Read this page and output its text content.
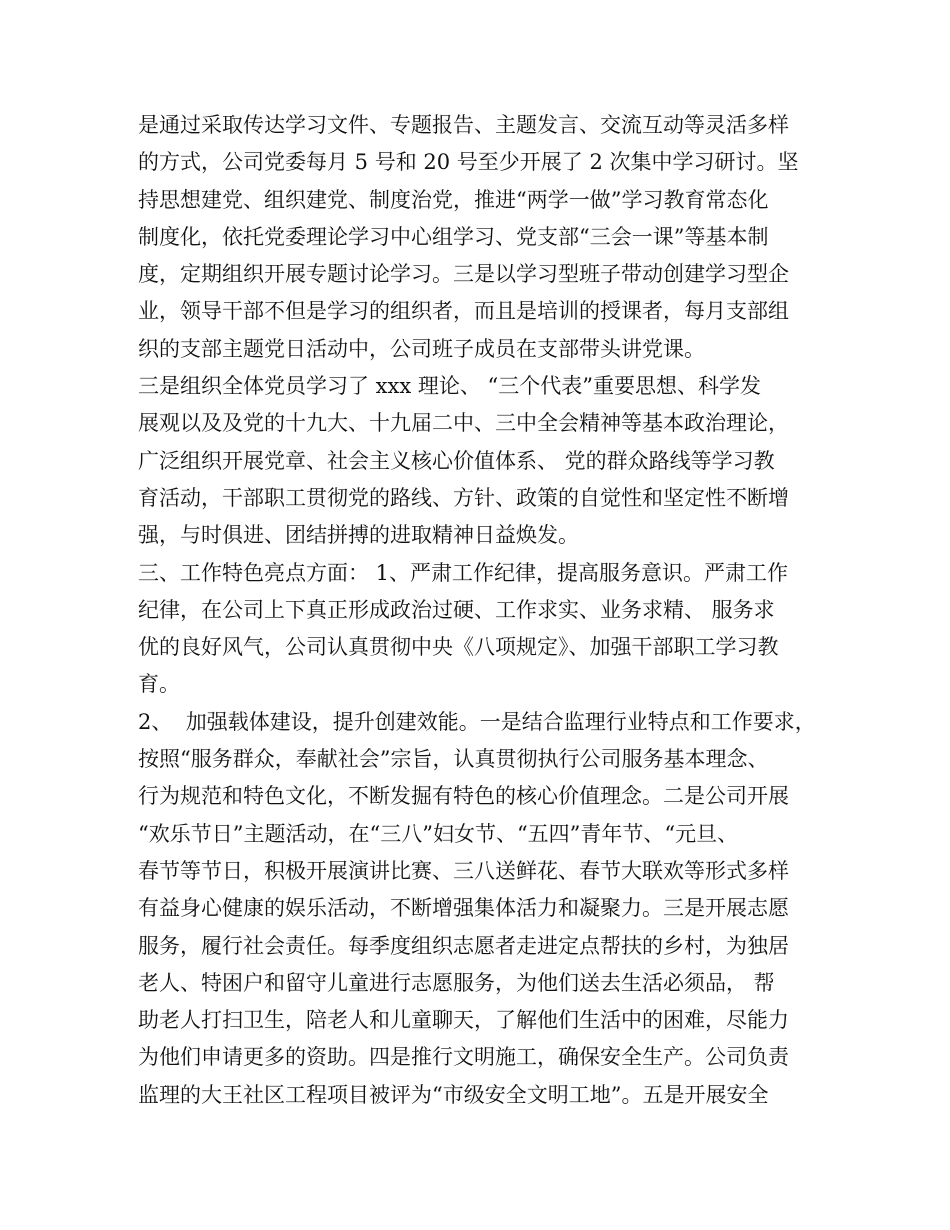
是通过采取传达学习文件、专题报告、主题发言、交流互动等灵活多样
的方式，公司党委每月 5 号和 20 号至少开展了 2 次集中学习研讨。坚
持思想建党、组织建党、制度治党，推进“两学一做”学习教育常态化
制度化，依托党委理论学习中心组学习、党支部“三会一课”等基本制
度，定期组织开展专题讨论学习。三是以学习型班子带动创建学习型企
业，领导干部不但是学习的组织者，而且是培训的授课者，每月支部组
织的支部主题党日活动中，公司班子成员在支部带头讲党课。
三是组织全体党员学习了 xxx 理论、 “三个代表”重要思想、科学发
展观以及及党的十九大、十九届二中、三中全会精神等基本政治理论，
广泛组织开展党章、社会主义核心价值体系、 党的群众路线等学习教
育活动，干部职工贯彻党的路线、方针、政策的自觉性和坚定性不断增
强，与时俱进、团结拼搏的进取精神日益焕发。
三、工作特色亮点方面： 1、严肃工作纪律，提高服务意识。严肃工作
纪律，在公司上下真正形成政治过硬、工作求实、业务求精、 服务求
优的良好风气，公司认真贯彻中央《八项规定》、加强干部职工学习教
育。
2、  加强载体建设，提升创建效能。一是结合监理行业特点和工作要求，
按照“服务群众，奉献社会”宗旨，认真贯彻执行公司服务基本理念、
行为规范和特色文化，不断发掘有特色的核心价值理念。二是公司开展
“欢乐节日”主题活动，在“三八”妇女节、“五四”青年节、“元旦、
春节等节日，积极开展演讲比赛、三八送鲜花、春节大联欢等形式多样
有益身心健康的娱乐活动，不断增强集体活力和凝聚力。三是开展志愿
服务，履行社会责任。每季度组织志愿者走进定点帮扶的乡村，为独居
老人、特困户和留守儿童进行志愿服务，为他们送去生活必须品， 帮
助老人打扫卫生，陪老人和儿童聊天，了解他们生活中的困难，尽能力
为他们申请更多的资助。四是推行文明施工，确保安全生产。公司负责
监理的大王社区工程项目被评为“市级安全文明工地”。五是开展安全
